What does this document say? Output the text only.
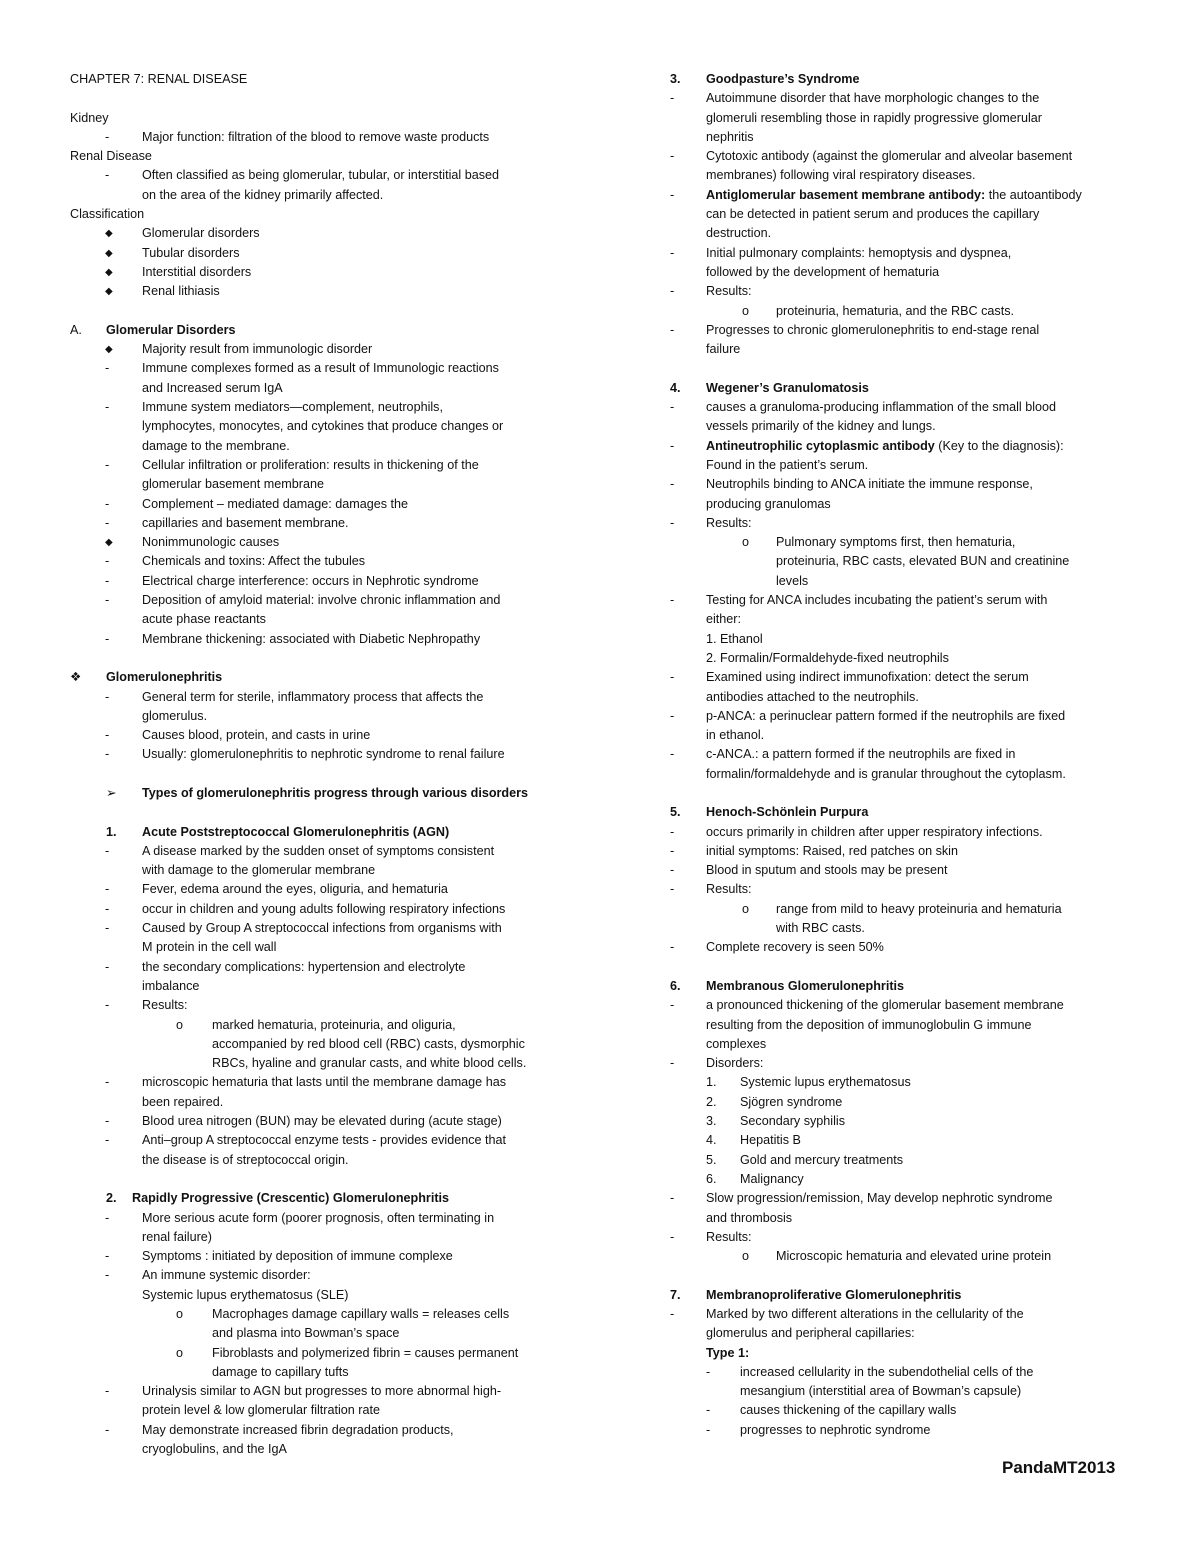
CHAPTER 7: RENAL DISEASE
Kidney
-	Major function: filtration of the blood to remove waste products
Renal Disease
-	Often classified as being glomerular, tubular, or interstitial based
on the area of the kidney primarily affected.
Classification
◆ Glomerular disorders
◆ Tubular disorders
◆ Interstitial disorders
◆ Renal lithiasis
A. Glomerular Disorders
◆ Majority result from immunologic disorder
-	Immune complexes formed as a result of Immunologic reactions
and Increased serum IgA
-	Immune system mediators—complement, neutrophils,
lymphocytes, monocytes, and cytokines that produce changes or
damage to the membrane.
-	Cellular infiltration or proliferation: results in thickening of the
glomerular basement membrane
-	Complement – mediated damage: damages the
-	capillaries and basement membrane.
◆ Nonimmunologic causes
-	Chemicals and toxins: Affect the tubules
-	Electrical charge interference: occurs in Nephrotic syndrome
-	Deposition of amyloid material: involve chronic inflammation and
acute phase reactants
-	Membrane thickening: associated with Diabetic Nephropathy
❖ Glomerulonephritis
-	General term for sterile, inflammatory process that affects the
glomerulus.
-	Causes blood, protein, and casts in urine
-	Usually: glomerulonephritis to nephrotic syndrome to renal failure
➢ Types of glomerulonephritis progress through various disorders
1. Acute Poststreptococcal Glomerulonephritis (AGN)
-	A disease marked by the sudden onset of symptoms consistent
with damage to the glomerular membrane
-	Fever, edema around the eyes, oliguria, and hematuria
-	occur in children and young adults following respiratory infections
-	Caused by Group A streptococcal infections from organisms with
M protein in the cell wall
-	the secondary complications: hypertension and electrolyte
imbalance
-	Results:
o marked hematuria, proteinuria, and oliguria,
accompanied by red blood cell (RBC) casts, dysmorphic
RBCs, hyaline and granular casts, and white blood cells.
-	microscopic hematuria that lasts until the membrane damage has
been repaired.
-	Blood urea nitrogen (BUN) may be elevated during (acute stage)
-	Anti–group A streptococcal enzyme tests - provides evidence that
the disease is of streptococcal origin.
2. Rapidly Progressive (Crescentic) Glomerulonephritis
-	More serious acute form (poorer prognosis, often terminating in
renal failure)
-	Symptoms : initiated by deposition of immune complexe
-	An immune systemic disorder:
Systemic lupus erythematosus (SLE)
o Macrophages damage capillary walls = releases cells
and plasma into Bowman’s space
o Fibroblasts and polymerized fibrin = causes permanent
damage to capillary tufts
-	Urinalysis similar to AGN but progresses to more abnormal high-
protein level & low glomerular filtration rate
-	May demonstrate increased fibrin degradation products,
cryoglobulins, and the IgA
3. Goodpasture’s Syndrome
-	Autoimmune disorder that have morphologic changes to the
glomeruli resembling those in rapidly progressive glomerular
nephritis
-	Cytotoxic antibody (against the glomerular and alveolar basement
membranes) following viral respiratory diseases.
-	Antiglomerular basement membrane antibody: the autoantibody
can be detected in patient serum and produces the capillary
destruction.
-	Initial pulmonary complaints: hemoptysis and dyspnea,
followed by the development of hematuria
-	Results:
o proteinuria, hematuria, and the RBC casts.
-	Progresses to chronic glomerulonephritis to end-stage renal
failure
4. Wegener’s Granulomatosis
-	causes a granuloma-producing inflammation of the small blood
vessels primarily of the kidney and lungs.
-	Antineutrophilic cytoplasmic antibody (Key to the diagnosis):
Found in the patient’s serum.
-	Neutrophils binding to ANCA initiate the immune response,
producing granulomas
-	Results:
o Pulmonary symptoms first, then hematuria,
proteinuria, RBC casts, elevated BUN and creatinine
levels
-	Testing for ANCA includes incubating the patient’s serum with
either:
1. Ethanol
2. Formalin/Formaldehyde-fixed neutrophils
-	Examined using indirect immunofixation: detect the serum
antibodies attached to the neutrophils.
-	p-ANCA: a perinuclear pattern formed if the neutrophils are fixed
in ethanol.
-	c-ANCA.: a pattern formed if the neutrophils are fixed in
formalin/formaldehyde and is granular throughout the cytoplasm.
5. Henoch-Schönlein Purpura
-	occurs primarily in children after upper respiratory infections.
-	initial symptoms: Raised, red patches on skin
-	Blood in sputum and stools may be present
-	Results:
o range from mild to heavy proteinuria and hematuria
with RBC casts.
-	Complete recovery is seen 50%
6. Membranous Glomerulonephritis
-	a pronounced thickening of the glomerular basement membrane
resulting from the deposition of immunoglobulin G immune
complexes
-	Disorders:
1. Systemic lupus erythematosus
2. Sjögren syndrome
3. Secondary syphilis
4. Hepatitis B
5. Gold and mercury treatments
6. Malignancy
-	Slow progression/remission, May develop nephrotic syndrome
and thrombosis
-	Results:
o Microscopic hematuria and elevated urine protein
7. Membranoproliferative Glomerulonephritis
-	Marked by two different alterations in the cellularity of the
glomerulus and peripheral capillaries:
Type 1:
- increased cellularity in the subendothelial cells of the
mesangium (interstitial area of Bowman’s capsule)
- causes thickening of the capillary walls
- progresses to nephrotic syndrome
PandaMT2013
